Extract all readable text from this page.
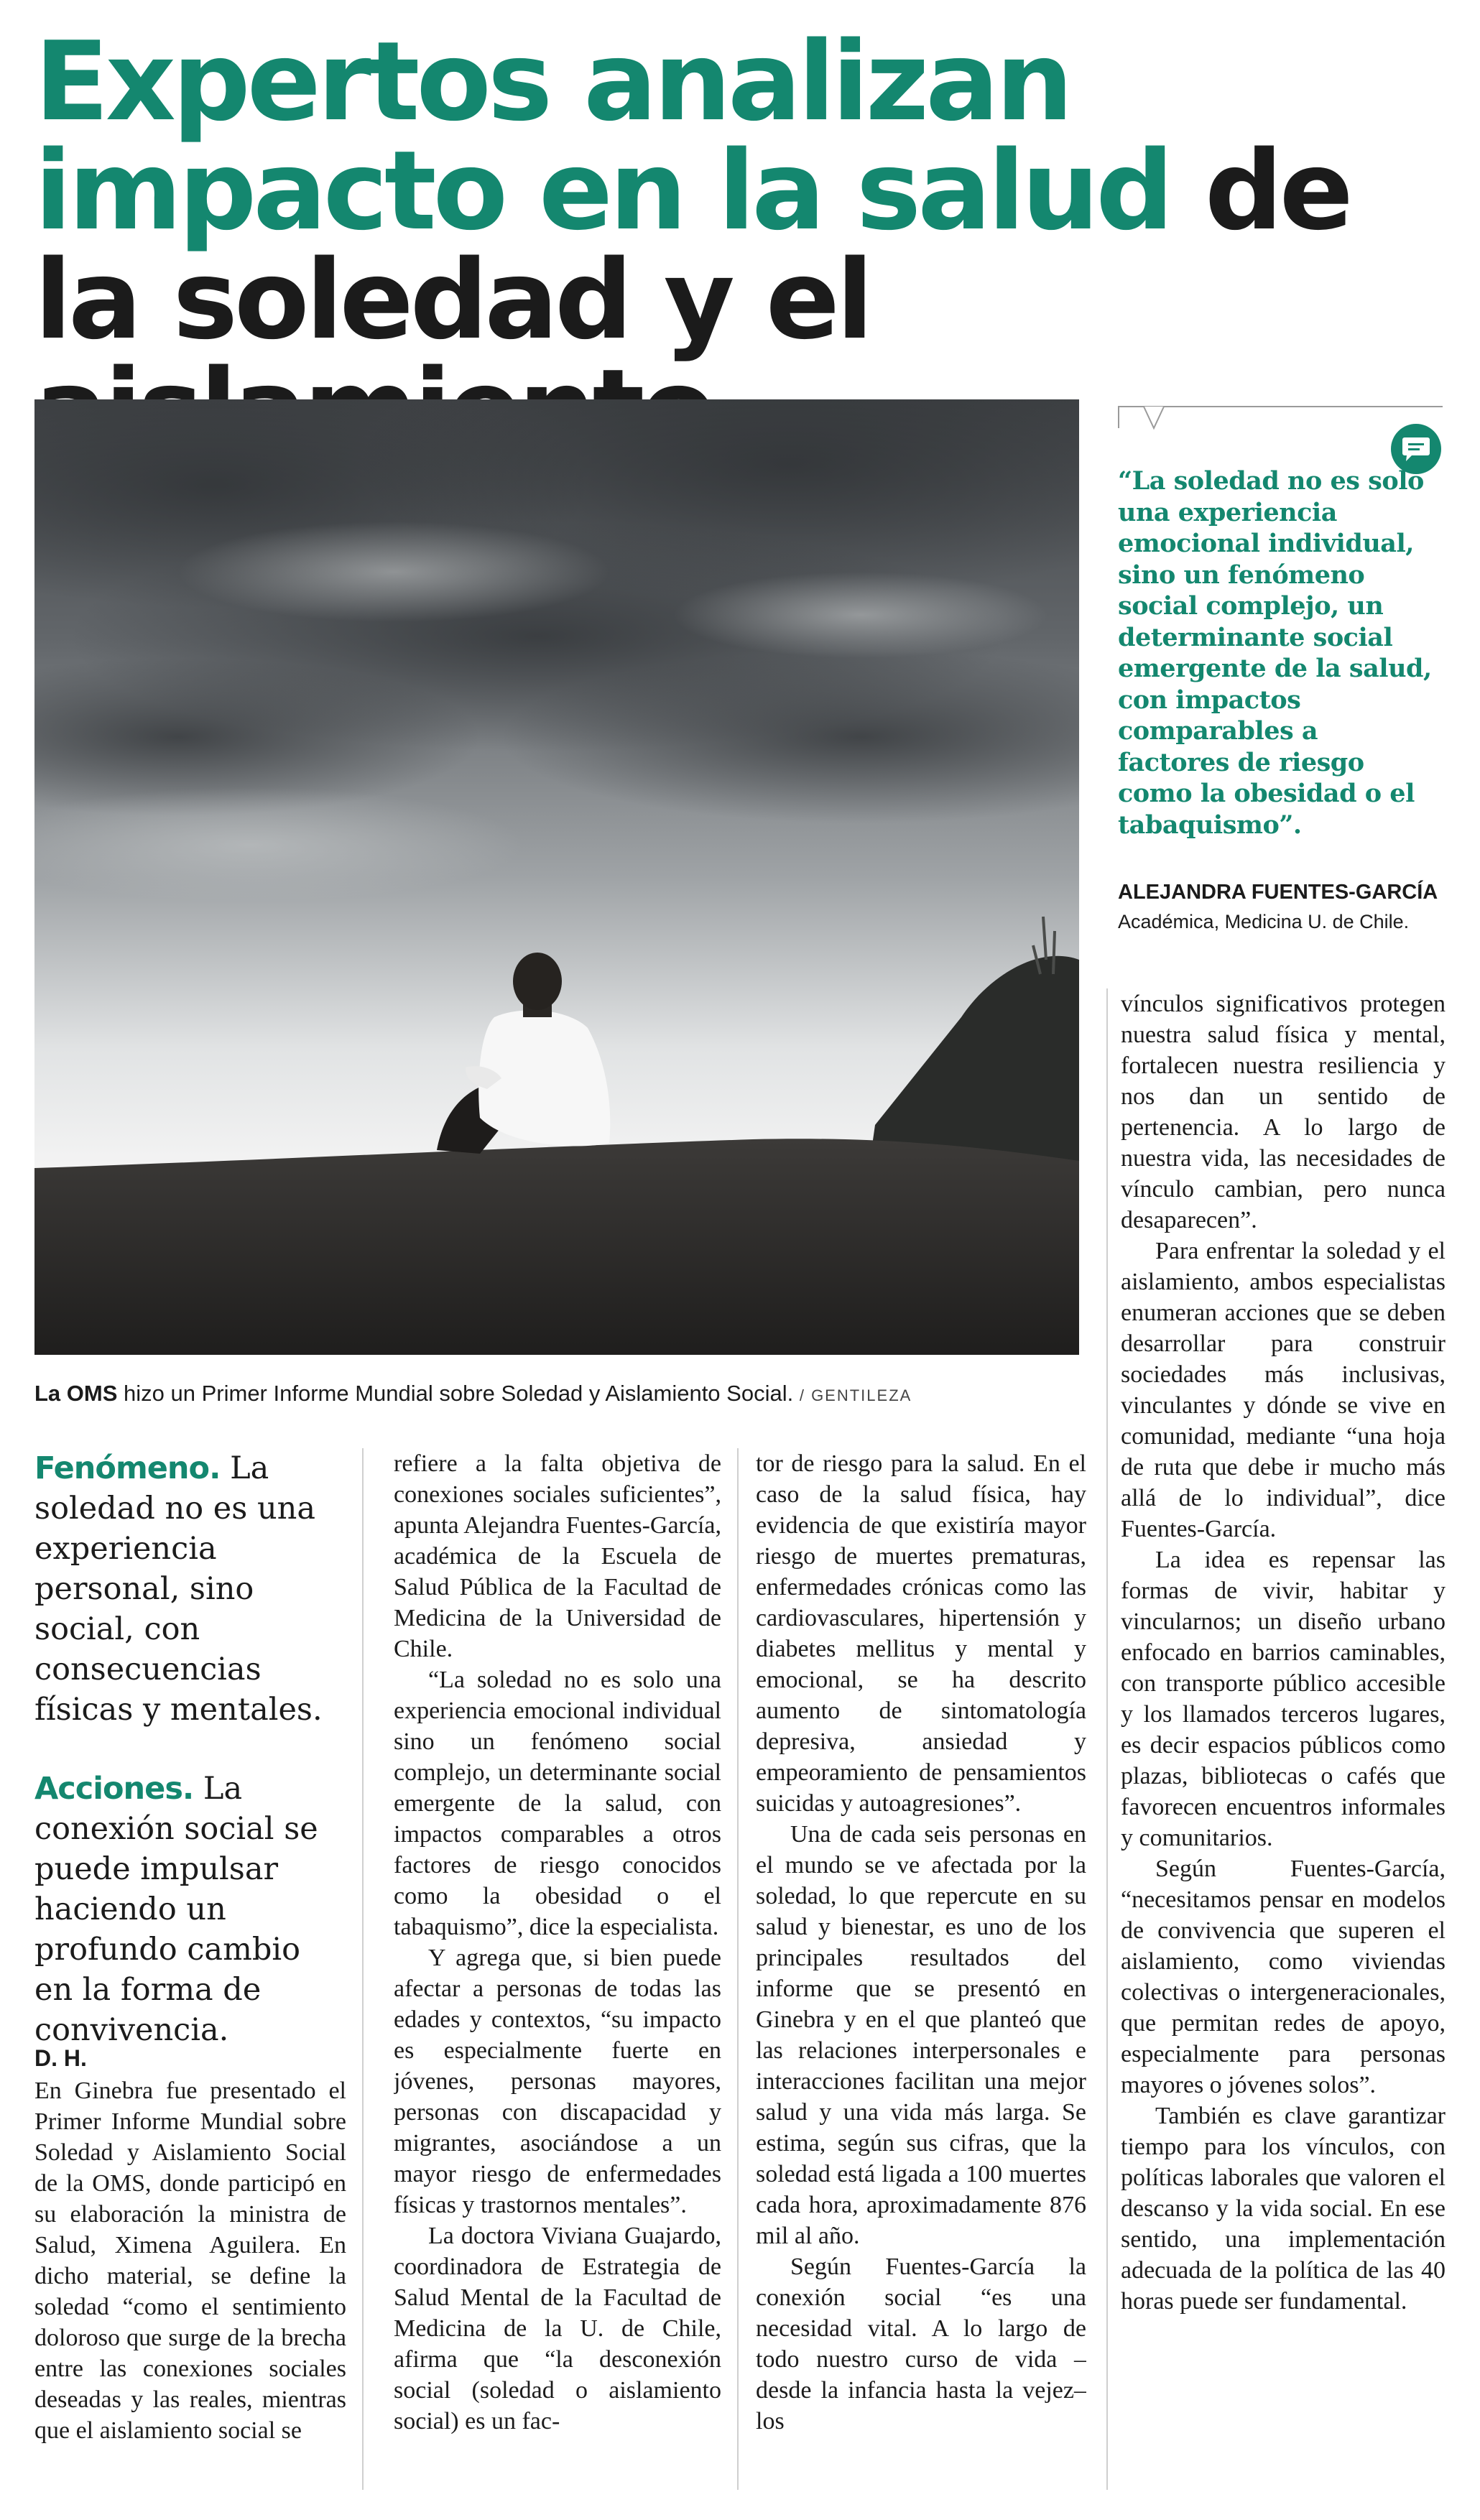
Expertos analizan impacto en la salud de la soledad y el
La OMS hizo un Primer Informe Mundial sobre Soledad y Aislamiento Social. / GENTILEZA

“La soledad no es solo una experiencia emocional individual, sino un fenómeno social complejo, un determinante social emergente de la salud, con impactos comparables a factores de riesgo como la obesidad o el tabaquismo”.

ALEJANDRA FUENTES-GARCÍA
Académica, Medicina U. de Chile.

Fenómeno. La soledad no es una experiencia personal, sino social, con consecuencias físicas y mentales.

Acciones. La conexión social se puede impulsar haciendo un profundo cambio en la forma de convivencia.

D. H.

En Ginebra fue presentado el Primer Informe Mundial sobre Soledad y Aislamiento Social de la OMS, donde participó en su elaboración la ministra de Salud, Ximena Aguilera. En dicho material, se define la soledad “como el sentimiento doloroso que surge de la brecha entre las conexiones sociales deseadas y las reales, mientras que el aislamiento social se

refiere a la falta objetiva de conexiones sociales suficientes”, apunta Alejandra Fuentes-García, académica de la Escuela de Salud Pública de la Facultad de Medicina de la Universidad de Chile.

“La soledad no es solo una experiencia emocional individual sino un fenómeno social complejo, un determinante social emergente de la salud, con impactos comparables a otros factores de riesgo conocidos como la obesidad o el tabaquismo”, dice la especialista.

Y agrega que, si bien puede afectar a personas de todas las edades y contextos, “su impacto es especialmente fuerte en jóvenes, personas mayores, personas con discapacidad y migrantes, asociándose a un mayor riesgo de enfermedades físicas y trastornos mentales”.

La doctora Viviana Guajardo, coordinadora de Estrategia de Salud Mental de la Facultad de Medicina de la U. de Chile, afirma que “la desconexión social (soledad o aislamiento social) es un fac-

tor de riesgo para la salud. En el caso de la salud física, hay evidencia de que existiría mayor riesgo de muertes prematuras, enfermedades crónicas como las cardiovasculares, hipertensión y diabetes mellitus y mental y emocional, se ha descrito aumento de sintomatología depresiva, ansiedad y empeoramiento de pensamientos suicidas y autoagresiones”.

Una de cada seis personas en el mundo se ve afectada por la soledad, lo que repercute en su salud y bienestar, es uno de los principales resultados del informe que se presentó en Ginebra y en el que planteó que las relaciones interpersonales e interacciones facilitan una mejor salud y una vida más larga. Se estima, según sus cifras, que la soledad está ligada a 100 muertes cada hora, aproximadamente 876 mil al año.

Según Fuentes-García la conexión social “es una necesidad vital. A lo largo de todo nuestro curso de vida –desde la infancia hasta la vejez– los

vínculos significativos protegen nuestra salud física y mental, fortalecen nuestra resiliencia y nos dan un sentido de pertenencia. A lo largo de nuestra vida, las necesidades de vínculo cambian, pero nunca desaparecen”.

Para enfrentar la soledad y el aislamiento, ambos especialistas enumeran acciones que se deben desarrollar para construir sociedades más inclusivas, vinculantes y dónde se vive en comunidad, mediante “una hoja de ruta que debe ir mucho más allá de lo individual”, dice Fuentes-García.

La idea es repensar las formas de vivir, habitar y vincularnos; un diseño urbano enfocado en barrios caminables, con transporte público accesible y los llamados terceros lugares, es decir espacios públicos como plazas, bibliotecas o cafés que favorecen encuentros informales y comunitarios.

Según Fuentes-García, “necesitamos pensar en modelos de convivencia que superen el aislamiento, como viviendas colectivas o intergeneracionales, que permitan redes de apoyo, especialmente para personas mayores o jóvenes solos”.

También es clave garantizar tiempo para los vínculos, con políticas laborales que valoren el descanso y la vida social. En ese sentido, una implementación adecuada de la política de las 40 horas puede ser fundamental.
